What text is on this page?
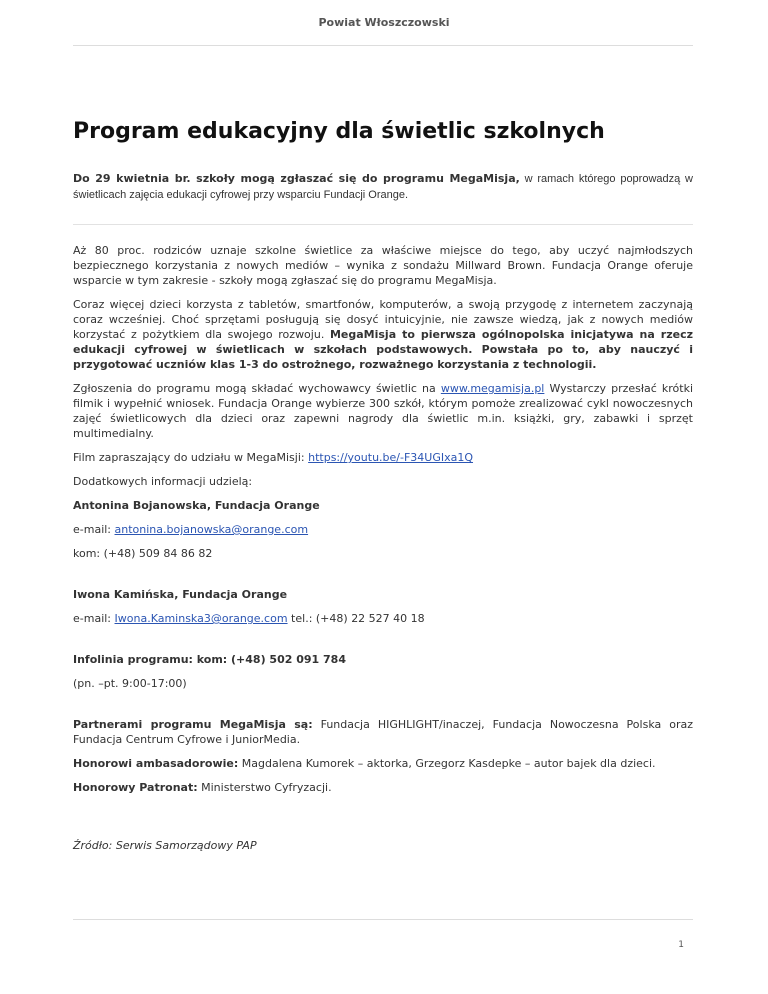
Powiat Włoszczowski
Program edukacyjny dla świetlic szkolnych

Do 29 kwietnia br. szkoły mogą zgłaszać się do programu MegaMisja, w ramach którego poprowadzą w świetlicach zajęcia edukacji cyfrowej przy wsparciu Fundacji Orange.

Aż 80 proc. rodziców uznaje szkolne świetlice za właściwe miejsce do tego, aby uczyć najmłodszych bezpiecznego korzystania z nowych mediów – wynika z sondażu Millward Brown. Fundacja Orange oferuje wsparcie w tym zakresie - szkoły mogą zgłaszać się do programu MegaMisja.

Coraz więcej dzieci korzysta z tabletów, smartfonów, komputerów, a swoją przygodę z internetem zaczynają coraz wcześniej. Choć sprzętami posługują się dosyć intuicyjnie, nie zawsze wiedzą, jak z nowych mediów korzystać z pożytkiem dla swojego rozwoju. MegaMisja to pierwsza ogólnopolska inicjatywa na rzecz edukacji cyfrowej w świetlicach w szkołach podstawowych. Powstała po to, aby nauczyć i przygotować uczniów klas 1-3 do ostrożnego, rozważnego korzystania z technologii.

Zgłoszenia do programu mogą składać wychowawcy świetlic na www.megamisja.pl Wystarczy przesłać krótki filmik i wypełnić wniosek. Fundacja Orange wybierze 300 szkół, którym pomoże zrealizować cykl nowoczesnych zajęć świetlicowych dla dzieci oraz zapewni nagrody dla świetlic m.in. książki, gry, zabawki i sprzęt multimedialny.

Film zapraszający do udziału w MegaMisji: https://youtu.be/-F34UGIxa1Q

Dodatkowych informacji udzielą:

Antonina Bojanowska, Fundacja Orange

e-mail: antonina.bojanowska@orange.com

kom: (+48) 509 84 86 82

Iwona Kamińska, Fundacja Orange

e-mail: Iwona.Kaminska3@orange.com tel.: (+48) 22 527 40 18

Infolinia programu: kom: (+48) 502 091 784

(pn. –pt. 9:00-17:00)

Partnerami programu MegaMisja są: Fundacja HIGHLIGHT/inaczej, Fundacja Nowoczesna Polska oraz Fundacja Centrum Cyfrowe i JuniorMedia.

Honorowi ambasadorowie: Magdalena Kumorek – aktorka, Grzegorz Kasdepke – autor bajek dla dzieci.

Honorowy Patronat: Ministerstwo Cyfryzacji.

Źródło: Serwis Samorządowy PAP

1
